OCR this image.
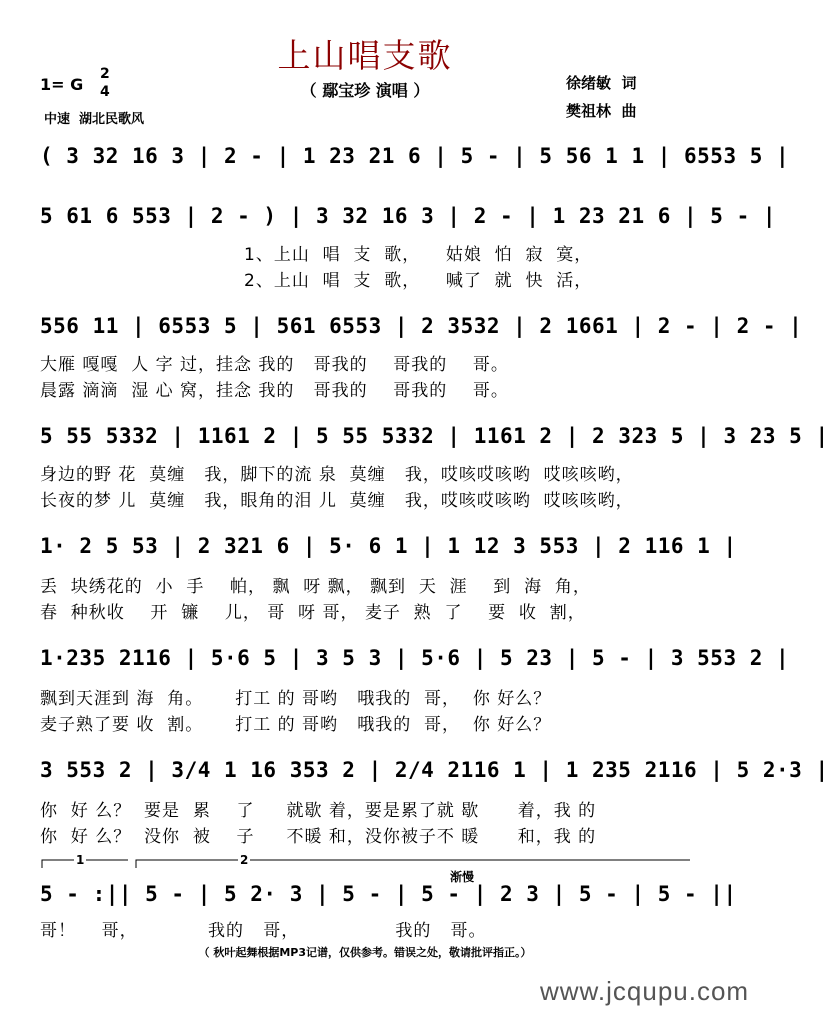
上山唱支歌
（ 鄢宝珍 演唱 ）
1= G
2
4
中速  湖北民歌风
徐绪敏  词
樊祖林  曲
( 3 32 16 3 | 2 - | 1 23 21 6 | 5 - | 5 56 1 1 | 6553 5 |
5 61 6 553 | 2 - ) | 3 32 16 3 | 2 - | 1 23 21 6 | 5 - |
1、上山  唱  支  歌，    姑娘  怕  寂  寞，
2、上山  唱  支  歌，    喊了  就  快  活，
556 11 | 6553 5 | 561 6553 | 2 3532 | 2 1661 | 2 - | 2 - |
大雁 嘎嘎  人 字 过，挂念 我的   哥我的    哥我的    哥。
晨露 滴滴  湿 心 窝，挂念 我的   哥我的    哥我的    哥。
5 55 5332 | 1161 2 | 5 55 5332 | 1161 2 | 2 323 5 | 3 23 5 |
身边的野 花  莫缠   我，脚下的流 泉  莫缠   我，哎咳哎咳哟  哎咳咳哟，
长夜的梦 儿  莫缠   我，眼角的泪 儿  莫缠   我，哎咳哎咳哟  哎咳咳哟，
1· 2 5 53 | 2 321 6 | 5· 6 1 | 1 12 3 553 | 2 116 1 |
丢  块绣花的  小  手    帕， 飘  呀 飘， 飘到  天  涯    到  海  角，
春  种秋收    开  镰    儿， 哥  呀 哥， 麦子  熟  了    要  收  割，
1·235 2116 | 5·6 5 | 3 5 3 | 5·6 | 5 23 | 5 - | 3 553 2 |
飘到天涯到 海  角。     打工 的 哥哟   哦我的  哥，  你 好么？
麦子熟了要 收  割。     打工 的 哥哟   哦我的  哥，  你 好么？
3 553 2 | 3/4 1 16 353 2 | 2/4 2116 1 | 1 235 2116 | 5 2·3 |
你  好 么？  要是  累    了     就歇 着，要是累了就 歇      着，我 的
你  好 么？  没你  被    子     不暖 和，没你被子不 暖      和，我 的
1	2
渐慢
5 - :|| 5 - | 5 2· 3 | 5 - | 5 - | 2 3 | 5 - | 5 - ||
哥！    哥，           我的   哥，               我的   哥。
（ 秋叶起舞根据MP3记谱，仅供参考。错误之处，敬请批评指正。）
www.jcqupu.com
